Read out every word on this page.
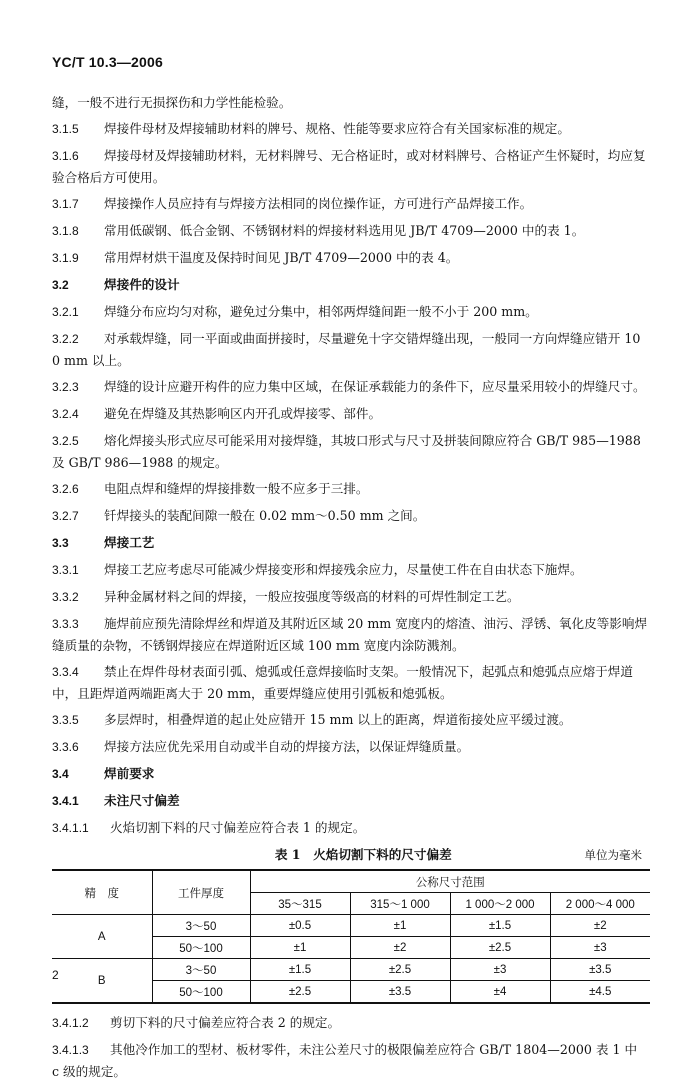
YC/T 10.3—2006
缝，一般不进行无损探伤和力学性能检验。
3.1.5 焊接件母材及焊接辅助材料的牌号、规格、性能等要求应符合有关国家标准的规定。
3.1.6 焊接母材及焊接辅助材料，无材料牌号、无合格证时，或对材料牌号、合格证产生怀疑时，均应复验合格后方可使用。
3.1.7 焊接操作人员应持有与焊接方法相同的岗位操作证，方可进行产品焊接工作。
3.1.8 常用低碳钢、低合金钢、不锈钢材料的焊接材料选用见 JB/T 4709—2000 中的表 1。
3.1.9 常用焊材烘干温度及保持时间见 JB/T 4709—2000 中的表 4。
3.2	焊接件的设计
3.2.1 焊缝分布应均匀对称，避免过分集中，相邻两焊缝间距一般不小于 200 mm。
3.2.2 对承载焊缝，同一平面或曲面拼接时，尽量避免十字交错焊缝出现，一般同一方向焊缝应错开 100 mm 以上。
3.2.3 焊缝的设计应避开构件的应力集中区域，在保证承载能力的条件下，应尽量采用较小的焊缝尺寸。
3.2.4 避免在焊缝及其热影响区内开孔或焊接零、部件。
3.2.5 熔化焊接头形式应尽可能采用对接焊缝，其坡口形式与尺寸及拼装间隙应符合 GB/T 985—1988 及 GB/T 986—1988 的规定。
3.2.6 电阻点焊和缝焊的焊接排数一般不应多于三排。
3.2.7 钎焊接头的装配间隙一般在 0.02 mm～0.50 mm 之间。
3.3	焊接工艺
3.3.1 焊接工艺应考虑尽可能减少焊接变形和焊接残余应力，尽量使工件在自由状态下施焊。
3.3.2 异种金属材料之间的焊接，一般应按强度等级高的材料的可焊性制定工艺。
3.3.3 施焊前应预先清除焊丝和焊道及其附近区域 20 mm 宽度内的熔渣、油污、浮锈、氧化皮等影响焊缝质量的杂物，不锈钢焊接应在焊道附近区域 100 mm 宽度内涂防溅剂。
3.3.4 禁止在焊件母材表面引弧、熄弧或任意焊接临时支架。一般情况下，起弧点和熄弧点应熔于焊道中，且距焊道两端距离大于 20 mm，重要焊缝应使用引弧板和熄弧板。
3.3.5 多层焊时，相叠焊道的起止处应错开 15 mm 以上的距离，焊道衔接处应平缓过渡。
3.3.6 焊接方法应优先采用自动或半自动的焊接方法，以保证焊缝质量。
3.4	焊前要求
3.4.1 未注尺寸偏差
3.4.1.1 火焰切割下料的尺寸偏差应符合表 1 的规定。
表 1　火焰切割下料的尺寸偏差	单位为毫米
精　度	工件厚度	公称尺寸范围			
		35～315	315～1 000	1 000～2 000	2 000～4 000
A	3～50	±0.5	±1	±1.5	±2
	50～100	±1	±2	±2.5	±3
B	3～50	±1.5	±2.5	±3	±3.5
	50～100	±2.5	±3.5	±4	±4.5
3.4.1.2 剪切下料的尺寸偏差应符合表 2 的规定。
3.4.1.3 其他冷作加工的型材、板材零件，未注公差尺寸的极限偏差应符合 GB/T 1804—2000 表 1 中 c 级的规定。
2
